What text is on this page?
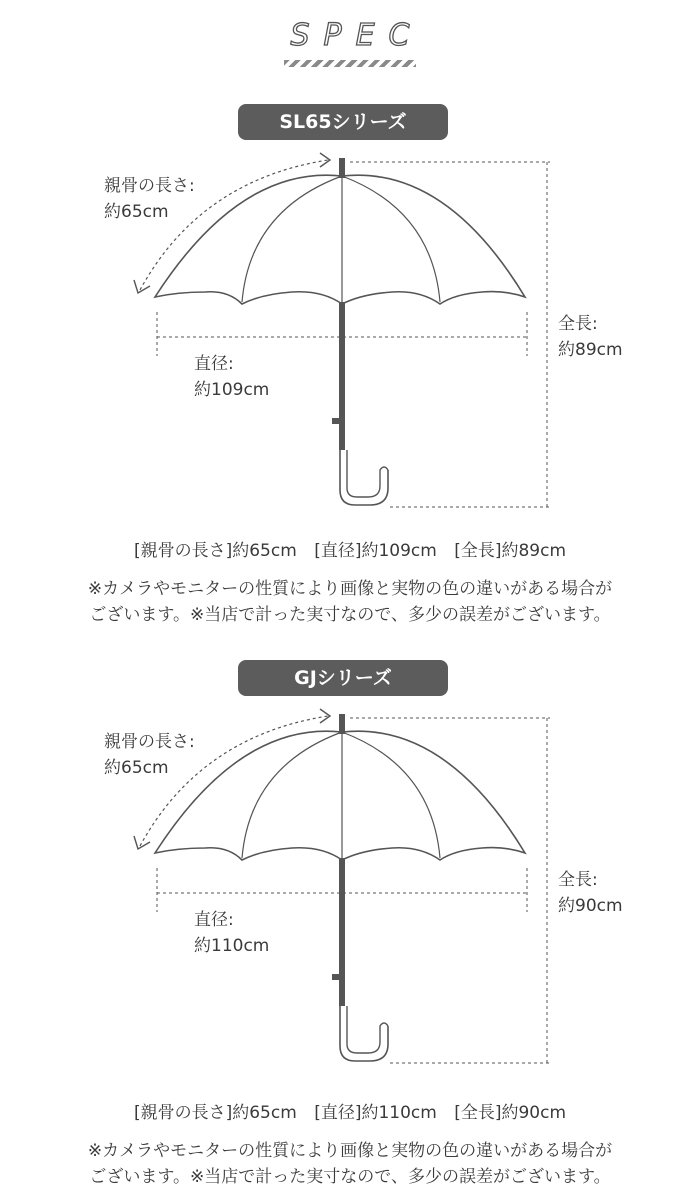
SPEC
SL65シリーズ
親骨の長さ:
約65cm
直径:
約109cm
全長:
約89cm
[親骨の長さ]約65cm [直径]約109cm [全長]約89cm
※カメラやモニターの性質により画像と実物の色の違いがある場合が
ございます。※当店で計った実寸なので、多少の誤差がございます。
GJシリーズ
親骨の長さ:
約65cm
直径:
約110cm
全長:
約90cm
[親骨の長さ]約65cm [直径]約110cm [全長]約90cm
※カメラやモニターの性質により画像と実物の色の違いがある場合が
ございます。※当店で計った実寸なので、多少の誤差がございます。
